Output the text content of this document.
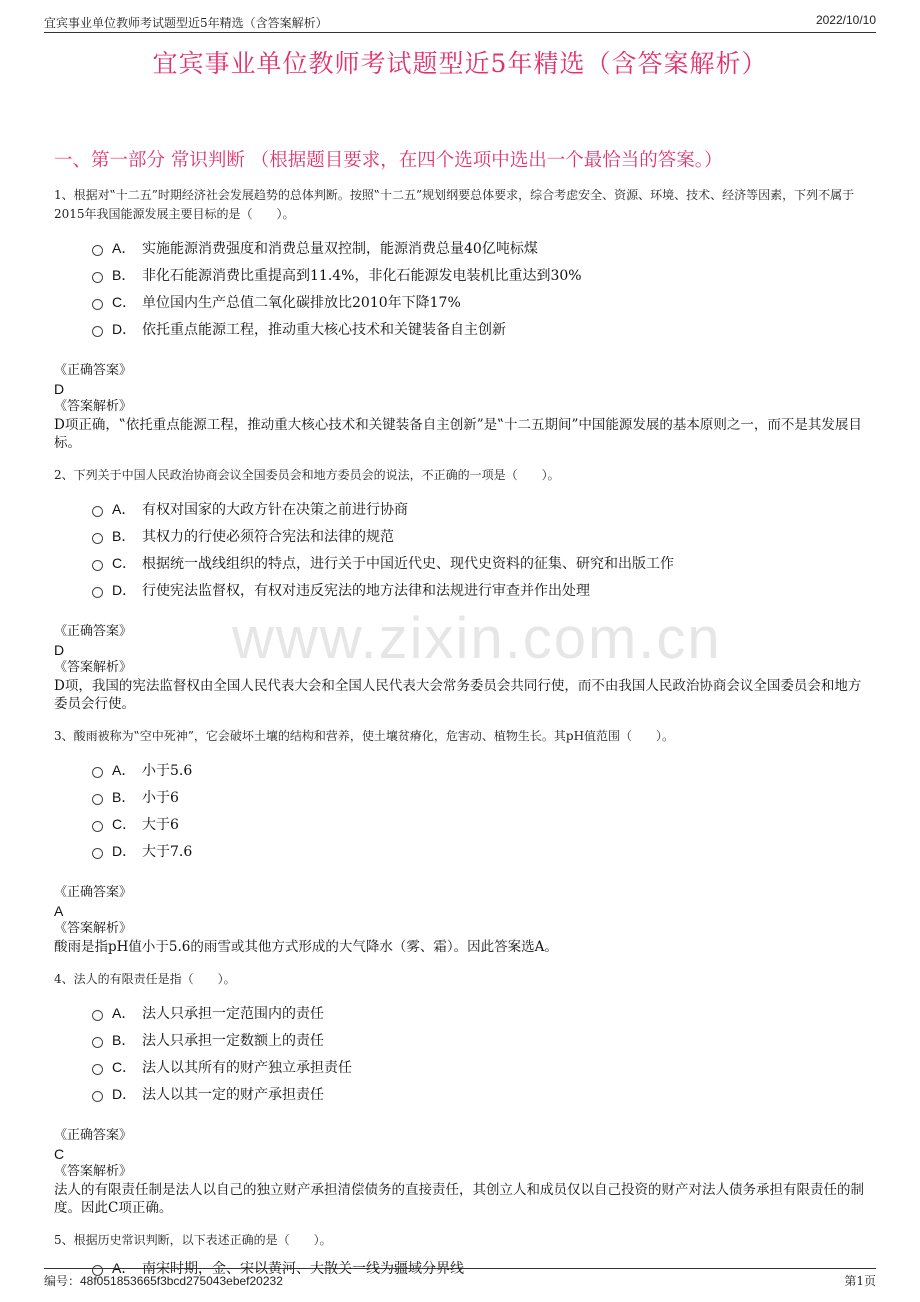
宜宾事业单位教师考试题型近5年精选（含答案解析）	2022/10/10
宜宾事业单位教师考试题型近5年精选（含答案解析）
一、第一部分 常识判断 （根据题目要求，在四个选项中选出一个最恰当的答案。）
www.zixin.com.cn

1、根据对‟十二五”时期经济社会发展趋势的总体判断。按照‟十二五”规划纲要总体要求，综合考虑安全、资源、环境、技术、经济等因素，下列不属于2015年我国能源发展主要目标的是（　　）。

A． 实施能源消费强度和消费总量双控制，能源消费总量40亿吨标煤
B． 非化石能源消费比重提高到11.4%，非化石能源发电装机比重达到30%
C． 单位国内生产总值二氧化碳排放比2010年下降17%
D． 依托重点能源工程，推动重大核心技术和关键装备自主创新
《正确答案》
D
《答案解析》
D项正确，‟依托重点能源工程，推动重大核心技术和关键装备自主创新”是‟十二五期间”中国能源发展的基本原则之一，而不是其发展目标。

2、下列关于中国人民政治协商会议全国委员会和地方委员会的说法，不正确的一项是（　　）。

A． 有权对国家的大政方针在决策之前进行协商
B． 其权力的行使必须符合宪法和法律的规范
C． 根据统一战线组织的特点，进行关于中国近代史、现代史资料的征集、研究和出版工作
D． 行使宪法监督权，有权对违反宪法的地方法律和法规进行审查并作出处理
《正确答案》
D
《答案解析》
D项，我国的宪法监督权由全国人民代表大会和全国人民代表大会常务委员会共同行使，而不由我国人民政治协商会议全国委员会和地方委员会行使。

3、酸雨被称为‟空中死神”，它会破坏土壤的结构和营养，使土壤贫瘠化，危害动、植物生长。其pH值范围（　　）。

A． 小于5.6
B． 小于6
C． 大于6
D． 大于7.6
《正确答案》
A
《答案解析》
酸雨是指pH值小于5.6的雨雪或其他方式形成的大气降水（雾、霜）。因此答案选A。

4、法人的有限责任是指（　　）。

A． 法人只承担一定范围内的责任
B． 法人只承担一定数额上的责任
C． 法人以其所有的财产独立承担责任
D． 法人以其一定的财产承担责任
《正确答案》
C
《答案解析》
法人的有限责任制是法人以自己的独立财产承担清偿债务的直接责任，其创立人和成员仅以自己投资的财产对法人债务承担有限责任的制度。因此C项正确。

5、根据历史常识判断，以下表述正确的是（　　）。

A． 南宋时期，金、宋以黄河、大散关一线为疆域分界线
编号：48f051853665f3bcd275043ebef20232	第1页
